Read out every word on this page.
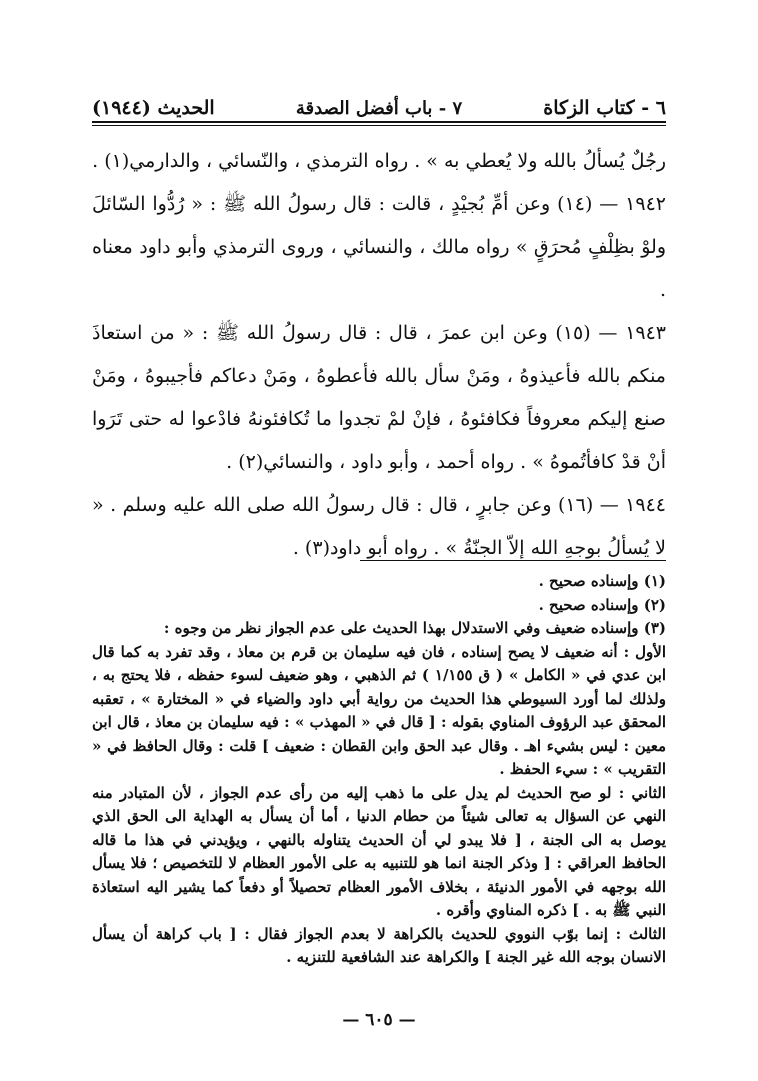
٦ - كتاب الزكاة
٧ - باب أفضل الصدقة
الحديث (١٩٤٤)

رجُلٌ يُسألُ بالله ولا يُعطي به » . رواه الترمذي ، والنّسائي ، والدارمي(١) .

١٩٤٢ — (١٤) وعن أمِّ بُجيْدٍ ، قالت : قال رسولُ الله ﷺ : « رُدُّوا السّائلَ ولوْ بظِلْفٍ مُحرَقٍ » رواه مالك ، والنسائي ، وروى الترمذي وأبو داود معناه .

١٩٤٣ — (١٥) وعن ابن عمرَ ، قال : قال رسولُ الله ﷺ : « من استعاذَ منكم بالله فأعيذوهُ ، ومَنْ سأل بالله فأعطوهُ ، ومَنْ دعاكم فأجيبوهُ ، ومَنْ صنع إليكم معروفاً فكافئوهُ ، فإنْ لمْ تجدوا ما تُكافئونهُ فادْعوا له حتى تَرَوا أنْ قدْ كافأتُموهُ » . رواه أحمد ، وأبو داود ، والنسائي(٢) .

١٩٤٤ — (١٦) وعن جابرٍ ، قال : قال رسولُ الله صلى الله عليه وسلم . « لا يُسألُ بوجهِ الله إلاّ الجنّةُ » . رواه أبو داود(٣) .

(١) وإسناده صحيح .

(٢) وإسناده صحيح .

(٣) وإسناده ضعيف وفي الاستدلال بهذا الحديث على عدم الجواز نظر من وجوه :

الأول : أنه ضعيف لا يصح إسناده ، فان فيه سليمان بن قرم بن معاذ ، وقد تفرد به كما قال ابن عدي في « الكامل » ( ق ١/١٥٥ ) ثم الذهبي ، وهو ضعيف لسوء حفظه ، فلا يحتج به ، ولذلك لما أورد السيوطي هذا الحديث من رواية أبي داود والضياء في « المختارة » ، تعقبه المحقق عبد الرؤوف المناوي بقوله : [ قال في « المهذب » : فيه سليمان بن معاذ ، قال ابن معين : ليس بشيء اهـ . وقال عبد الحق وابن القطان : ضعيف ] قلت : وقال الحافظ في « التقريب » : سيء الحفظ .

الثاني : لو صح الحديث لم يدل على ما ذهب إليه من رأى عدم الجواز ، لأن المتبادر منه النهي عن السؤال به تعالى شيئاً من حطام الدنيا ، أما أن يسأل به الهداية الى الحق الذي يوصل به الى الجنة ، [ فلا يبدو لي أن الحديث يتناوله بالنهي ، ويؤيدني في هذا ما قاله الحافظ العراقي : [ وذكر الجنة انما هو للتنبيه به على الأمور العظام لا للتخصيص ؛ فلا يسأل الله بوجهه في الأمور الدنيئة ، بخلاف الأمور العظام تحصيلاً أو دفعاً كما يشير اليه استعاذة النبي ﷺ به . ] ذكره المناوي وأقره .

الثالث : إنما بوّب النووي للحديث بالكراهة لا بعدم الجواز فقال : [ باب كراهة أن يسأل الانسان بوجه الله غير الجنة ] والكراهة عند الشافعية للتنزيه .

— ٦٠٥ —
